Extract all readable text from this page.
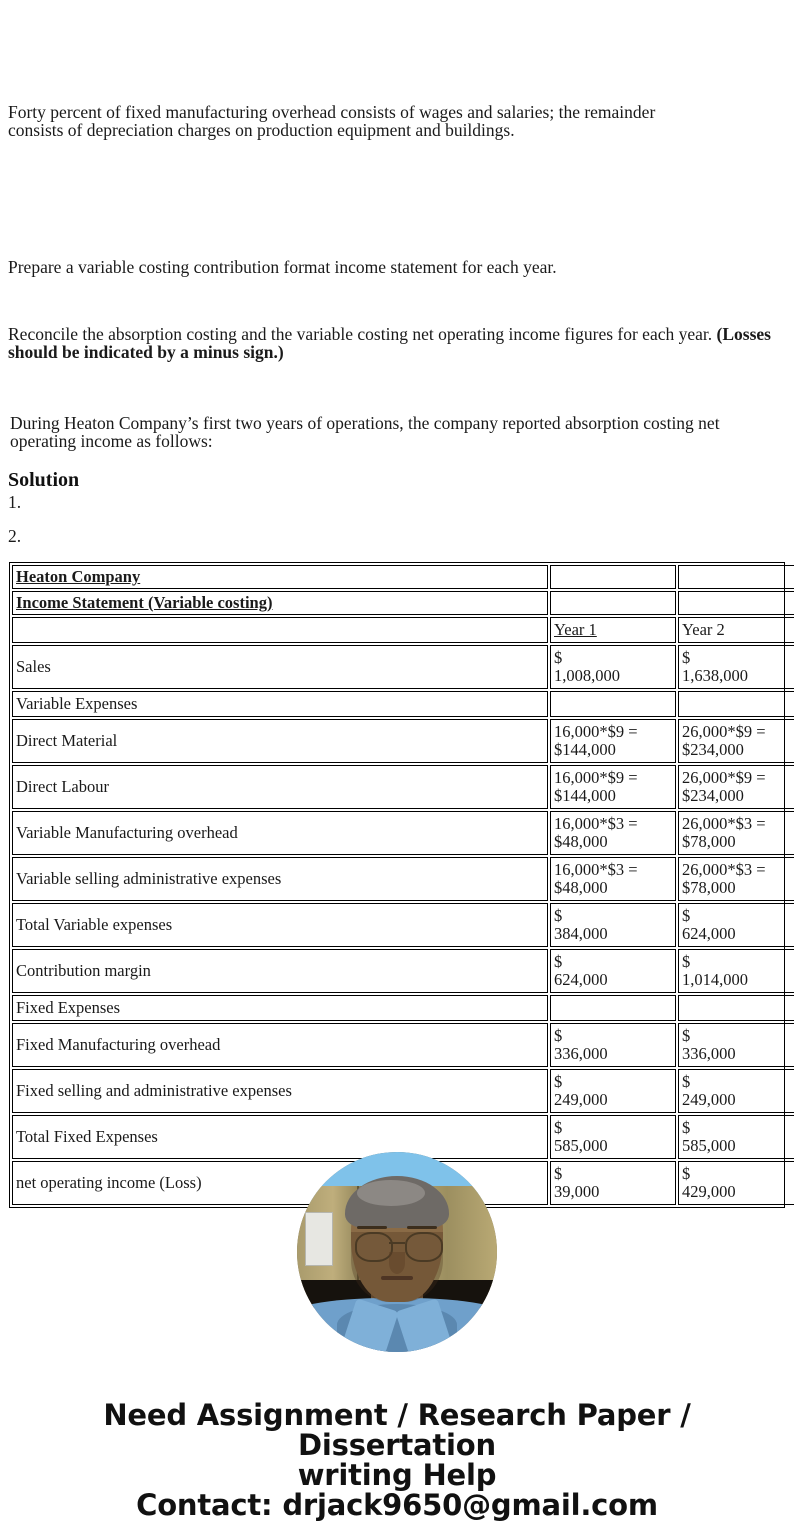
Forty percent of fixed manufacturing overhead consists of wages and salaries; the remainder consists of depreciation charges on production equipment and buildings.

Prepare a variable costing contribution format income statement for each year.

Reconcile the absorption costing and the variable costing net operating income figures for each year. (Losses should be indicated by a minus sign.)

During Heaton Company’s first two years of operations, the company reported absorption costing net operating income as follows:

Solution
1.
2.
Heaton Company		
Income Statement (Variable costing)		
	Year 1	Year 2
Sales	$
1,008,000	$
1,638,000

Variable Expenses		
Direct Material	16,000*$9 =
$144,000	26,000*$9 =
$234,000

Direct Labour	16,000*$9 =
$144,000	26,000*$9 =
$234,000

Variable Manufacturing overhead	16,000*$3 =
$48,000	26,000*$3 =
$78,000

Variable selling administrative expenses	16,000*$3 =
$48,000	26,000*$3 =
$78,000

Total Variable expenses	$
384,000	$
624,000

Contribution margin	$
624,000	$
1,014,000

Fixed Expenses		
Fixed Manufacturing overhead	$
336,000	$
336,000

Fixed selling and administrative expenses	$
249,000	$
249,000

Total Fixed Expenses	$
585,000	$
585,000

net operating income (Loss)	$
39,000	$
429,000
Need Assignment / Research Paper / Dissertation
writing Help
Contact: drjack9650@gmail.com
